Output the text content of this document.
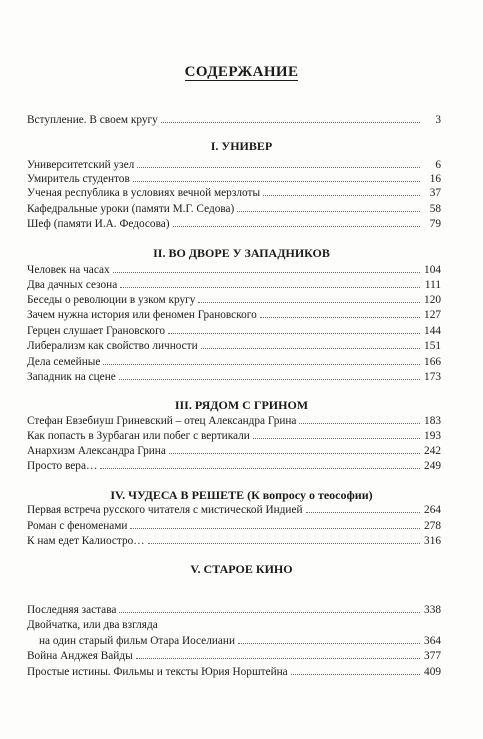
СОДЕРЖАНИЕ
Вступление. В своем кругу	3
I. УНИВЕР
Университетский узел	6
Умиритель студентов	16
Ученая республика в условиях вечной мерзлоты	37
Кафедральные уроки (памяти М.Г. Седова)	58
Шеф (памяти И.А. Федосова)	79
II. ВО ДВОРЕ У ЗАПАДНИКОВ
Человек на часах	104
Два дачных сезона	111
Беседы о революции в узком кругу	120
Зачем нужна история или феномен Грановского	127
Герцен слушает Грановского	144
Либерализм как свойство личности	151
Дела семейные	166
Западник на сцене	173
III. РЯДОМ С ГРИНОМ
Стефан Евзебиуш Гриневский – отец Александра Грина	183
Как попасть в Зурбаган или побег с вертикали	193
Анархизм Александра Грина	242
Просто вера…	249
IV. ЧУДЕСА В РЕШЕТЕ (К вопросу о теософии)
Первая встреча русского читателя с мистической Индией	264
Роман с феноменами	278
К нам едет Калиостро…	316
V. СТАРОЕ КИНО
Последняя застава	338
Двойчатка, или два взгляда
на один старый фильм Отара Иоселиани	364
Война Анджея Вайды	377
Простые истины. Фильмы и тексты Юрия Норштейна	409
